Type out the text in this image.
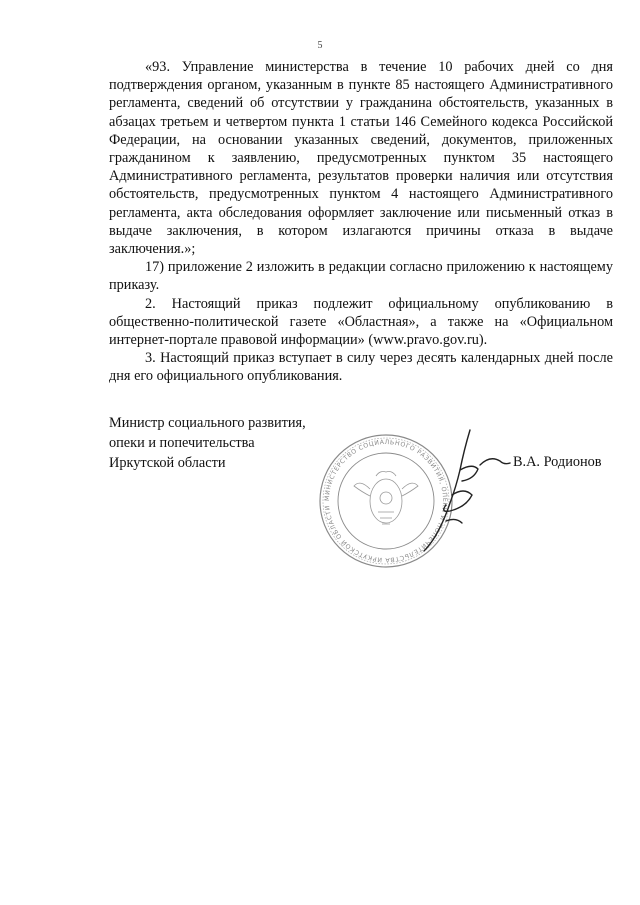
5

«93. Управление министерства в течение 10 рабочих дней со дня подтверждения органом, указанным в пункте 85 настоящего Административного регламента, сведений об отсутствии у гражданина обстоятельств, указанных в абзацах третьем и четвертом пункта 1 статьи 146 Семейного кодекса Российской Федерации, на основании указанных сведений, документов, приложенных гражданином к заявлению, предусмотренных пунктом 35 настоящего Административного регламента, результатов проверки наличия или отсутствия обстоятельств, предусмотренных пунктом 4 настоящего Административного регламента, акта обследования оформляет заключение или письменный отказ в выдаче заключения, в котором излагаются причины отказа в выдаче заключения.»;

17) приложение 2 изложить в редакции согласно приложению к настоящему приказу.

2. Настоящий приказ подлежит официальному опубликованию в общественно-политической газете «Областная», а также на «Официальном интернет-портале правовой информации» (www.pravo.gov.ru).

3. Настоящий приказ вступает в силу через десять календарных дней после дня его официального опубликования.

Министр социального развития,
опеки и попечительства
Иркутской области
МИНИСТЕРСТВО СОЦИАЛЬНОГО РАЗВИТИЯ, ОПЕКИ И ПОПЕЧИТЕЛЬСТВА ИРКУТСКОЙ ОБЛАСТИ
В.А. Родионов
